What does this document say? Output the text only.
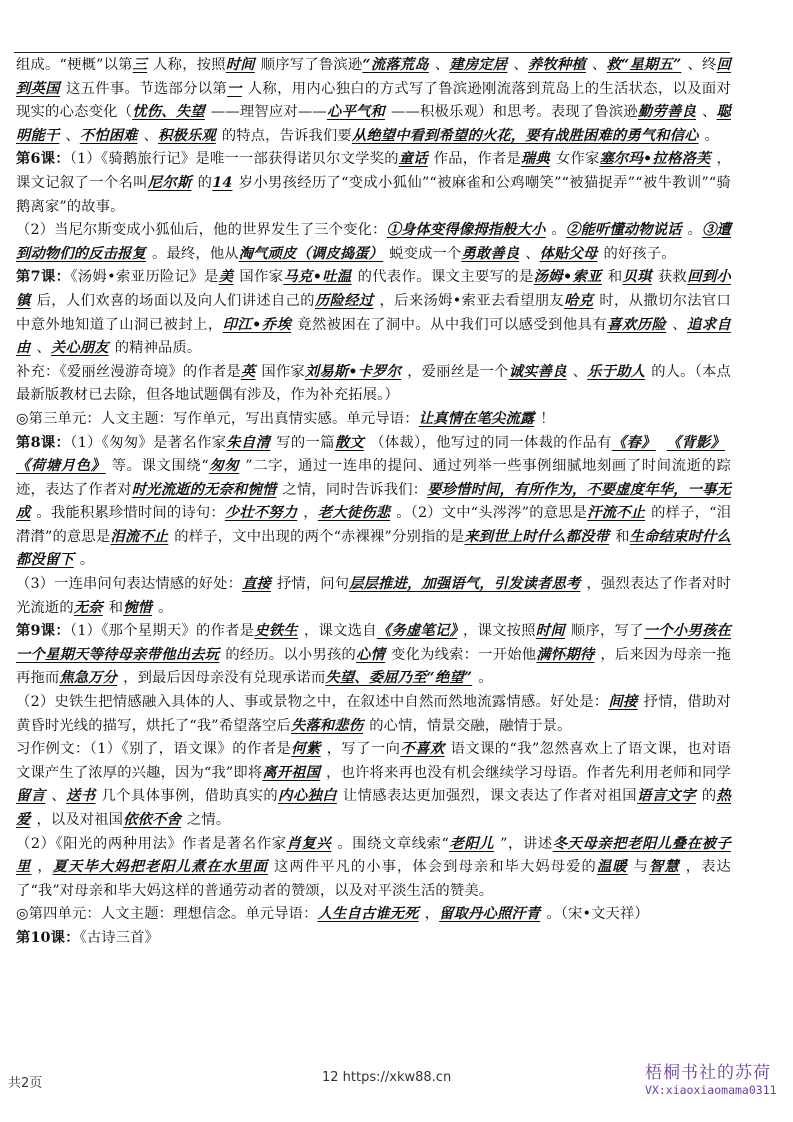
组成。“梗概”以第三 人称，按照时间 顺序写了鲁滨逊“流落荒岛 、建房定居 、养牧种植 、救“星期五” 、终回到英国 这五件事。节选部分以第一 人称，用内心独白的方式写了鲁滨逊刚流落到荒岛上的生活状态，以及面对现实的心态变化（忧伤、失望 ——理智应对——心平气和 ——积极乐观）和思考。表现了鲁滨逊勤劳善良 、聪明能干 、不怕困难 、积极乐观 的特点，告诉我们要从绝望中看到希望的火花，要有战胜困难的勇气和信心 。

第6课：（1）《骑鹅旅行记》是唯一一部获得诺贝尔文学奖的童话 作品，作者是瑞典 女作家塞尔玛•拉格洛芙 ，课文记叙了一个名叫尼尔斯 的14 岁小男孩经历了“变成小狐仙”“被麻雀和公鸡嘲笑”“被猫捉弄”“被牛教训”“骑鹅离家”的故事。

（2）当尼尔斯变成小狐仙后，他的世界发生了三个变化：①身体变得像拇指般大小 。②能听懂动物说话 。③遭到动物们的反击报复 。最终，他从淘气顽皮（调皮捣蛋） 蜕变成一个勇敢善良 、体贴父母 的好孩子。

第7课：《汤姆•索亚历险记》是美 国作家马克•吐温 的代表作。课文主要写的是汤姆•索亚 和贝琪 获救回到小镇 后，人们欢喜的场面以及向人们讲述自己的历险经过 ，后来汤姆•索亚去看望朋友哈克 时，从撒切尔法官口中意外地知道了山洞已被封上，印江•乔埃 竟然被困在了洞中。从中我们可以感受到他具有喜欢历险 、追求自由 、关心朋友 的精神品质。

补充：《爱丽丝漫游奇境》的作者是英 国作家刘易斯•卡罗尔 ，爱丽丝是一个诚实善良 、乐于助人 的人。（本点最新版教材已去除，但各地试题偶有涉及，作为补充拓展。）

◎第三单元：人文主题：写作单元，写出真情实感。单元导语：让真情在笔尖流露 ！

第8课：（1）《匆匆》是著名作家朱自清 写的一篇散文 （体裁），他写过的同一体裁的作品有《春》 《背影》 《荷塘月色》 等。课文围绕“匆匆 ”二字，通过一连串的提问、通过列举一些事例细腻地刻画了时间流逝的踪迹，表达了作者对时光流逝的无奈和惋惜 之情，同时告诉我们：要珍惜时间，有所作为，不要虚度年华，一事无成 。我能积累珍惜时间的诗句：少壮不努力 ，老大徒伤悲 。（2）文中“头涔涔”的意思是汗流不止 的样子，“泪潸潸”的意思是泪流不止 的样子，文中出现的两个“赤裸裸”分别指的是来到世上时什么都没带 和生命结束时什么都没留下 。

（3）一连串问句表达情感的好处：直接 抒情，问句层层推进，加强语气，引发读者思考 ，强烈表达了作者对时光流逝的无奈 和惋惜 。

第9课：（1）《那个星期天》的作者是史铁生 ，课文选自《务虚笔记》 ，课文按照时间 顺序，写了一个小男孩在一个星期天等待母亲带他出去玩 的经历。以小男孩的心情 变化为线索：一开始他满怀期待 ，后来因为母亲一拖再拖而焦急万分 ，到最后因母亲没有兑现承诺而失望、委屈乃至“绝望” 。

（2）史铁生把情感融入具体的人、事或景物之中，在叙述中自然而然地流露情感。好处是：间接 抒情，借助对黄昏时光线的描写，烘托了“我”希望落空后失落和悲伤 的心情，情景交融，融情于景。

习作例文：（1）《别了，语文课》的作者是何紫 ，写了一向不喜欢 语文课的“我”忽然喜欢上了语文课，也对语文课产生了浓厚的兴趣，因为“我”即将离开祖国 ，也许将来再也没有机会继续学习母语。作者先利用老师和同学留言 、送书 几个具体事例，借助真实的内心独白 让情感表达更加强烈，课文表达了作者对祖国语言文字 的热爱 ，以及对祖国依依不舍 之情。

（2）《阳光的两种用法》作者是著名作家肖复兴 。围绕文章线索“老阳儿 ”，讲述冬天母亲把老阳儿叠在被子里 ，夏天毕大妈把老阳儿煮在水里面 这两件平凡的小事，体会到母亲和毕大妈母爱的温暖 与智慧 ，表达了“我”对母亲和毕大妈这样的普通劳动者的赞颂，以及对平淡生活的赞美。

◎第四单元：人文主题：理想信念。单元导语：人生自古谁无死 ，留取丹心照汗青 。（宋•文天祥）

第10课：《古诗三首》

共2页	12 https://xkw88.cn	梧桐书社的苏荷
VX:xiaoxiaomama0311
